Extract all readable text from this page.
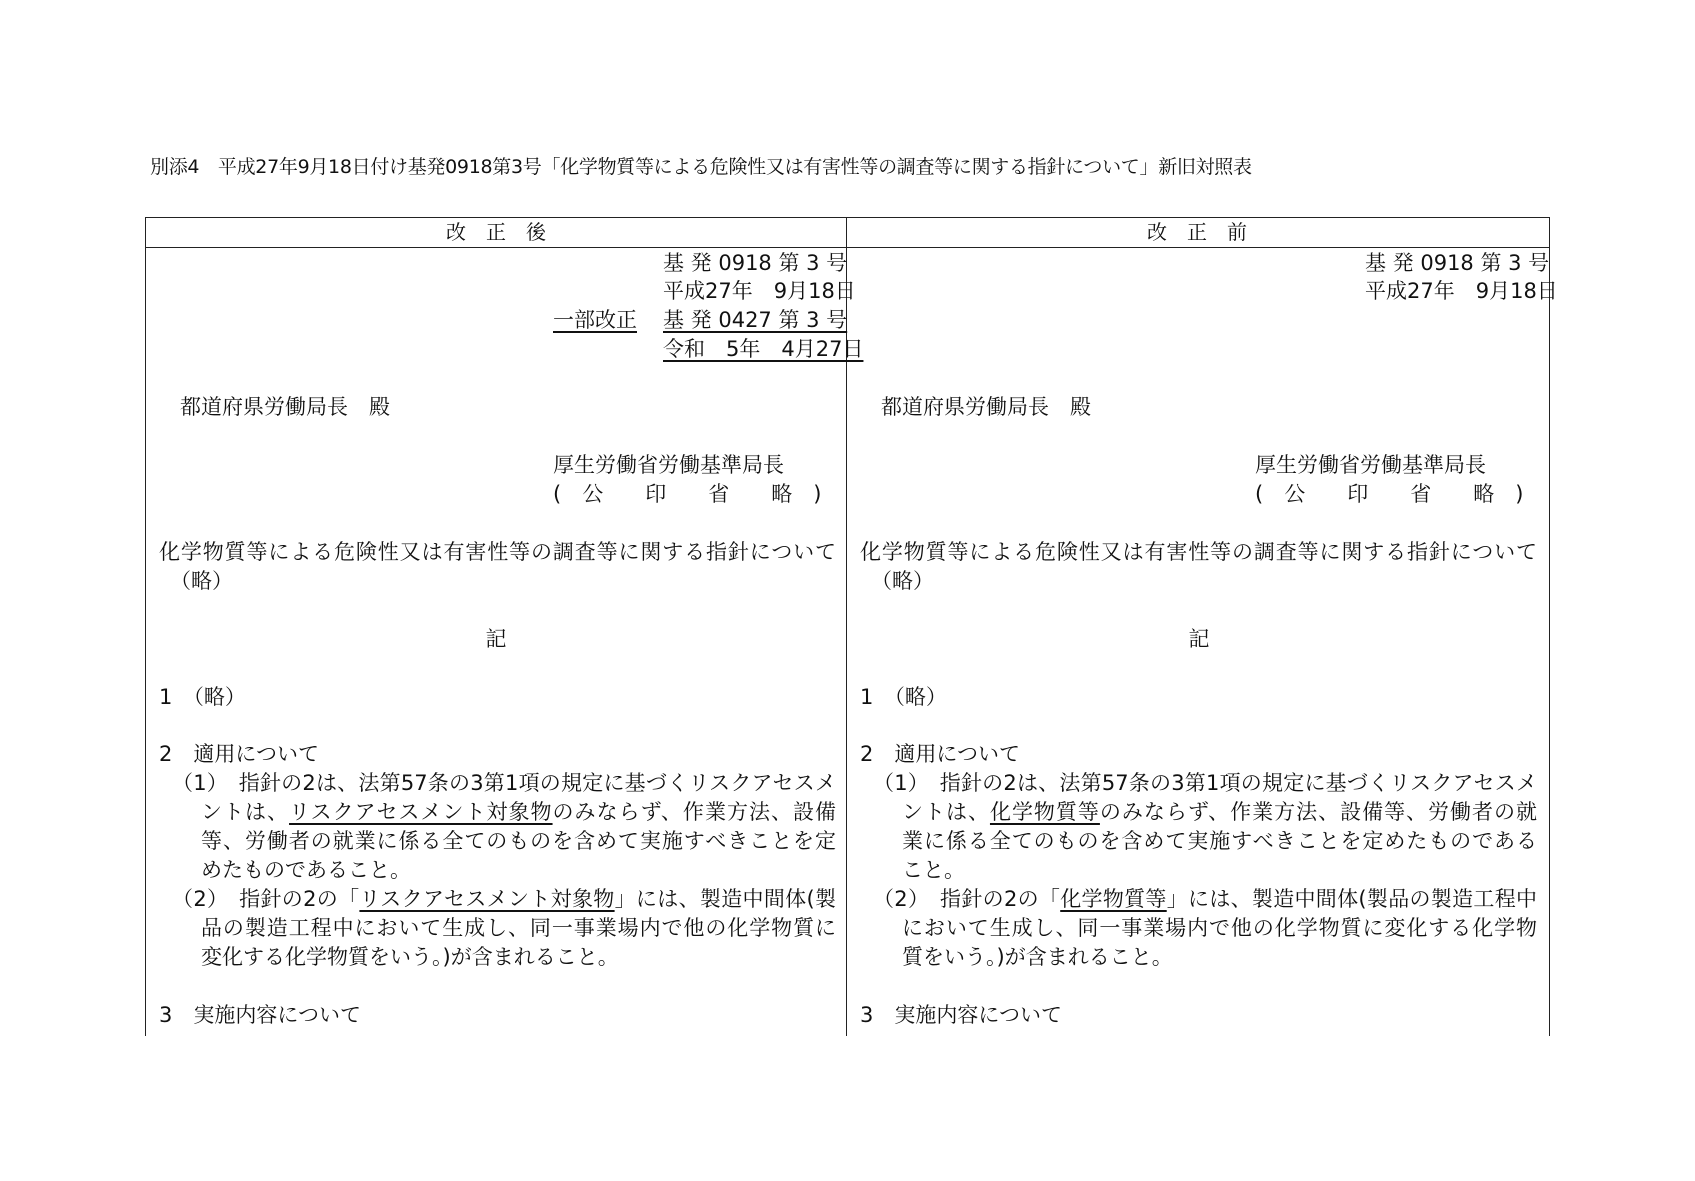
別添4　平成27年9月18日付け基発0918第3号「化学物質等による危険性又は有害性等の調査等に関する指針について」新旧対照表
改　正　後	改　正　前
基 発 0918 第 3 号
平成27年　9月18日
一部改正 基 発 0427 第 3 号
令和　5年　4月27日
都道府県労働局長　殿
厚生労働省労働基準局長
(　公　　印　　省　　略　)
化学物質等による危険性又は有害性等の調査等に関する指針について
（略）
記
1　（略）
2　適用について
（1）　指針の2は、法第57条の3第1項の規定に基づくリスクアセスメ
ントは、リスクアセスメント対象物のみならず、作業方法、設備
等、労働者の就業に係る全てのものを含めて実施すべきことを定
めたものであること。
（2）　指針の2の「リスクアセスメント対象物」には、製造中間体(製
品の製造工程中において生成し、同一事業場内で他の化学物質に
変化する化学物質をいう。)が含まれること。
3　実施内容について
基 発 0918 第 3 号
平成27年　9月18日
都道府県労働局長　殿
厚生労働省労働基準局長
(　公　　印　　省　　略　)
化学物質等による危険性又は有害性等の調査等に関する指針について
（略）
記
1　（略）
2　適用について
（1）　指針の2は、法第57条の3第1項の規定に基づくリスクアセスメ
ントは、化学物質等のみならず、作業方法、設備等、労働者の就
業に係る全てのものを含めて実施すべきことを定めたものである
こと。
（2）　指針の2の「化学物質等」には、製造中間体(製品の製造工程中
において生成し、同一事業場内で他の化学物質に変化する化学物
質をいう。)が含まれること。
3　実施内容について
